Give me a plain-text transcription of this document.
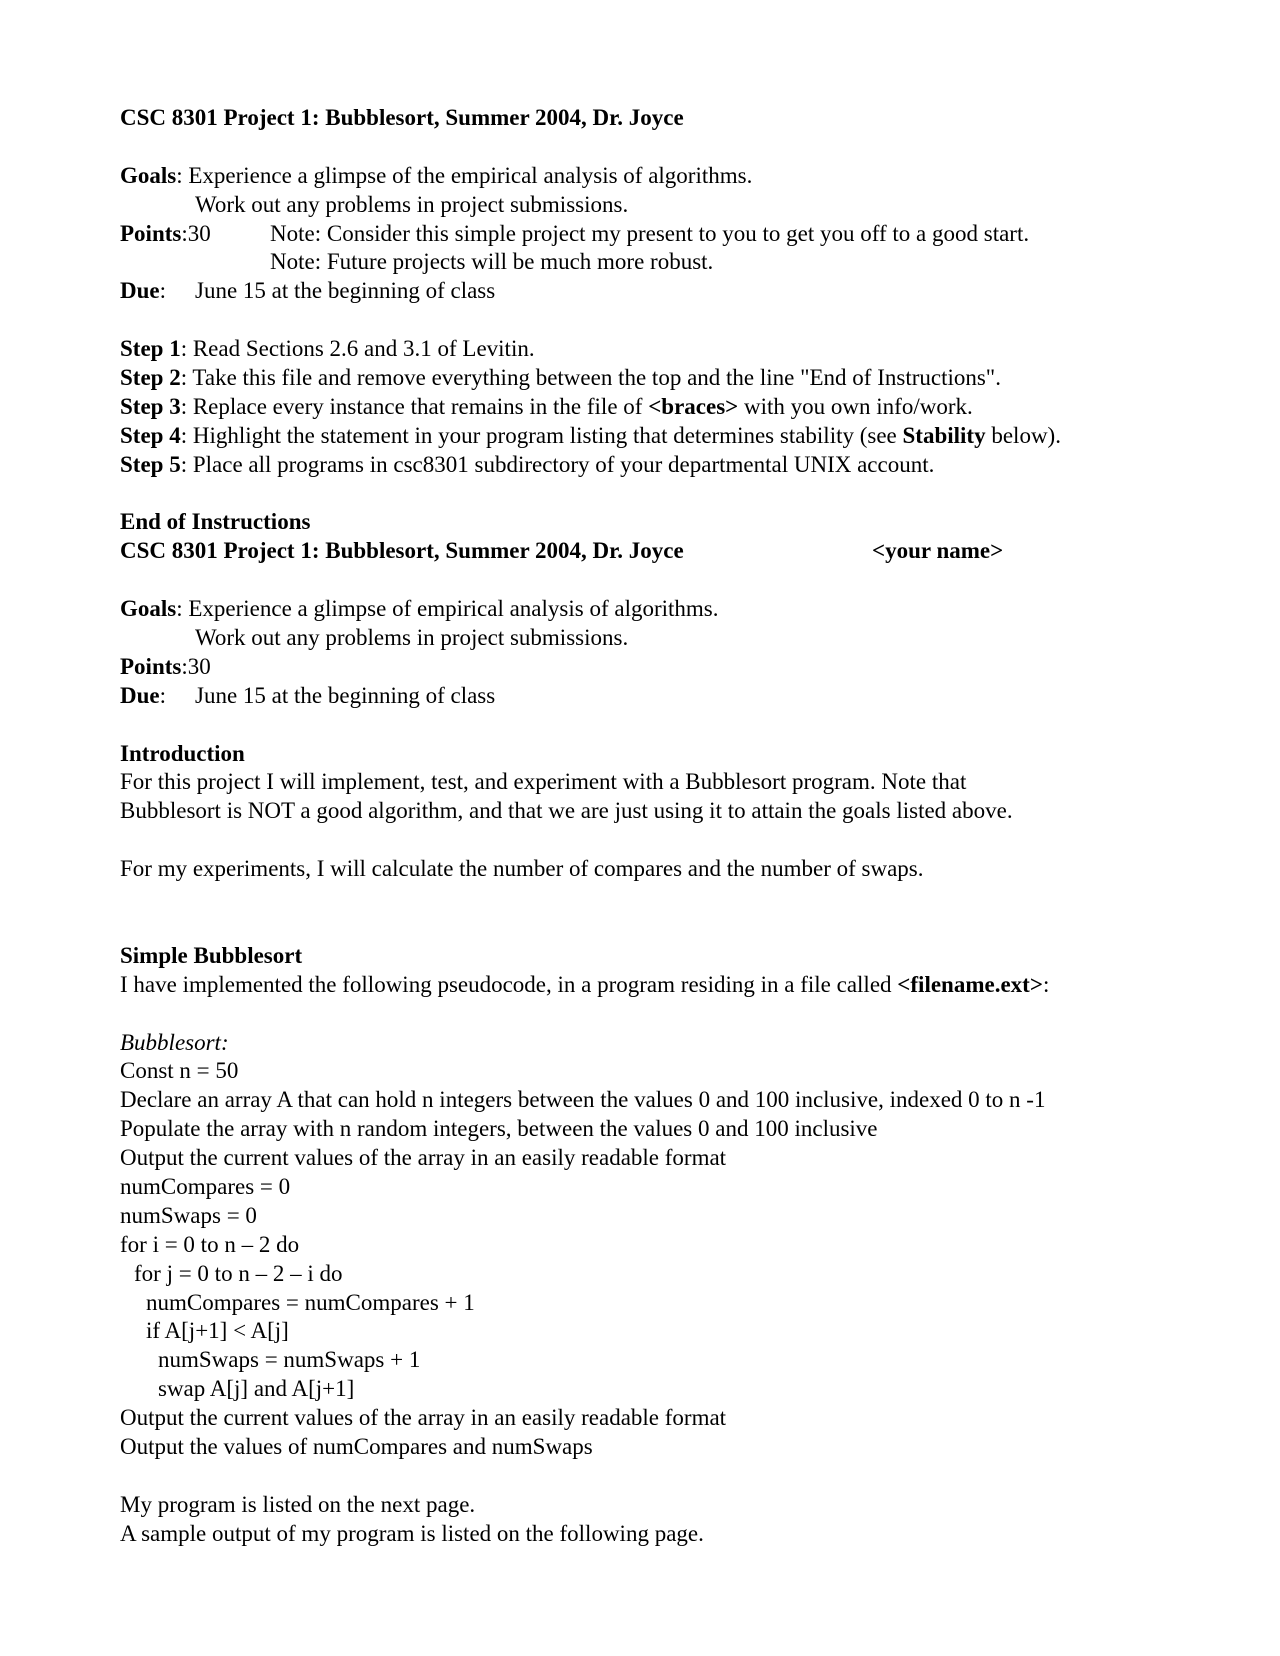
CSC 8301 Project 1: Bubblesort, Summer 2004, Dr. Joyce
Goals: Experience a glimpse of the empirical analysis of algorithms.
Work out any problems in project submissions.
Points:30	Note: Consider this simple project my present to you to get you off to a good start.
Note: Future projects will be much more robust.
Due: June 15 at the beginning of class
Step 1: Read Sections 2.6 and 3.1 of Levitin.
Step 2: Take this file and remove everything between the top and the line "End of Instructions".
Step 3: Replace every instance that remains in the file of <braces> with you own info/work.
Step 4: Highlight the statement in your program listing that determines stability (see Stability below).
Step 5: Place all programs in csc8301 subdirectory of your departmental UNIX account.
End of Instructions
CSC 8301 Project 1: Bubblesort, Summer 2004, Dr. Joyce	<your name>
Goals: Experience a glimpse of empirical analysis of algorithms.
Work out any problems in project submissions.
Points:30
Due: June 15 at the beginning of class
Introduction
For this project I will implement, test, and experiment with a Bubblesort program. Note that
Bubblesort is NOT a good algorithm, and that we are just using it to attain the goals listed above.
For my experiments, I will calculate the number of compares and the number of swaps.
Simple Bubblesort
I have implemented the following pseudocode, in a program residing in a file called <filename.ext>:
Bubblesort:
Const n = 50
Declare an array A that can hold n integers between the values 0 and 100 inclusive, indexed 0 to n -1
Populate the array with n random integers, between the values 0 and 100 inclusive
Output the current values of the array in an easily readable format
numCompares = 0
numSwaps = 0
for i = 0 to n – 2 do
for j = 0 to n – 2 – i do
numCompares = numCompares + 1
if A[j+1] < A[j]
numSwaps = numSwaps + 1
swap A[j] and A[j+1]
Output the current values of the array in an easily readable format
Output the values of numCompares and numSwaps
My program is listed on the next page.
A sample output of my program is listed on the following page.
